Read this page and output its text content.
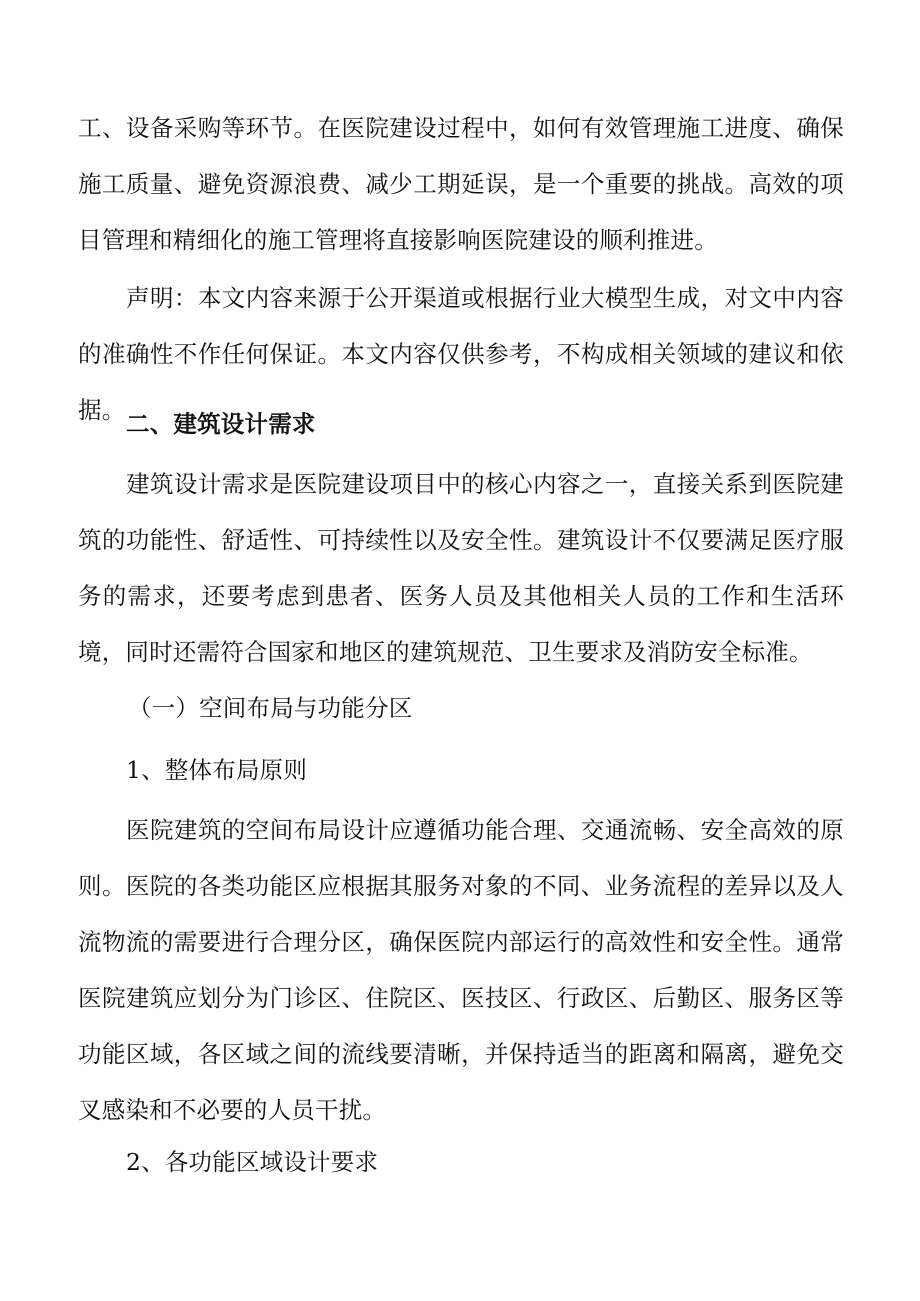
工、设备采购等环节。在医院建设过程中，如何有效管理施工进度、确保施工质量、避免资源浪费、减少工期延误，是一个重要的挑战。高效的项目管理和精细化的施工管理将直接影响医院建设的顺利推进。

声明：本文内容来源于公开渠道或根据行业大模型生成，对文中内容的准确性不作任何保证。本文内容仅供参考，不构成相关领域的建议和依据。 二、建筑设计需求

建筑设计需求是医院建设项目中的核心内容之一，直接关系到医院建筑的功能性、舒适性、可持续性以及安全性。建筑设计不仅要满足医疗服务的需求，还要考虑到患者、医务人员及其他相关人员的工作和生活环境，同时还需符合国家和地区的建筑规范、卫生要求及消防安全标准。

（一）空间布局与功能分区

1、整体布局原则

医院建筑的空间布局设计应遵循功能合理、交通流畅、安全高效的原则。医院的各类功能区应根据其服务对象的不同、业务流程的差异以及人流物流的需要进行合理分区，确保医院内部运行的高效性和安全性。通常医院建筑应划分为门诊区、住院区、医技区、行政区、后勤区、服务区等功能区域，各区域之间的流线要清晰，并保持适当的距离和隔离，避免交叉感染和不必要的人员干扰。

2、各功能区域设计要求
